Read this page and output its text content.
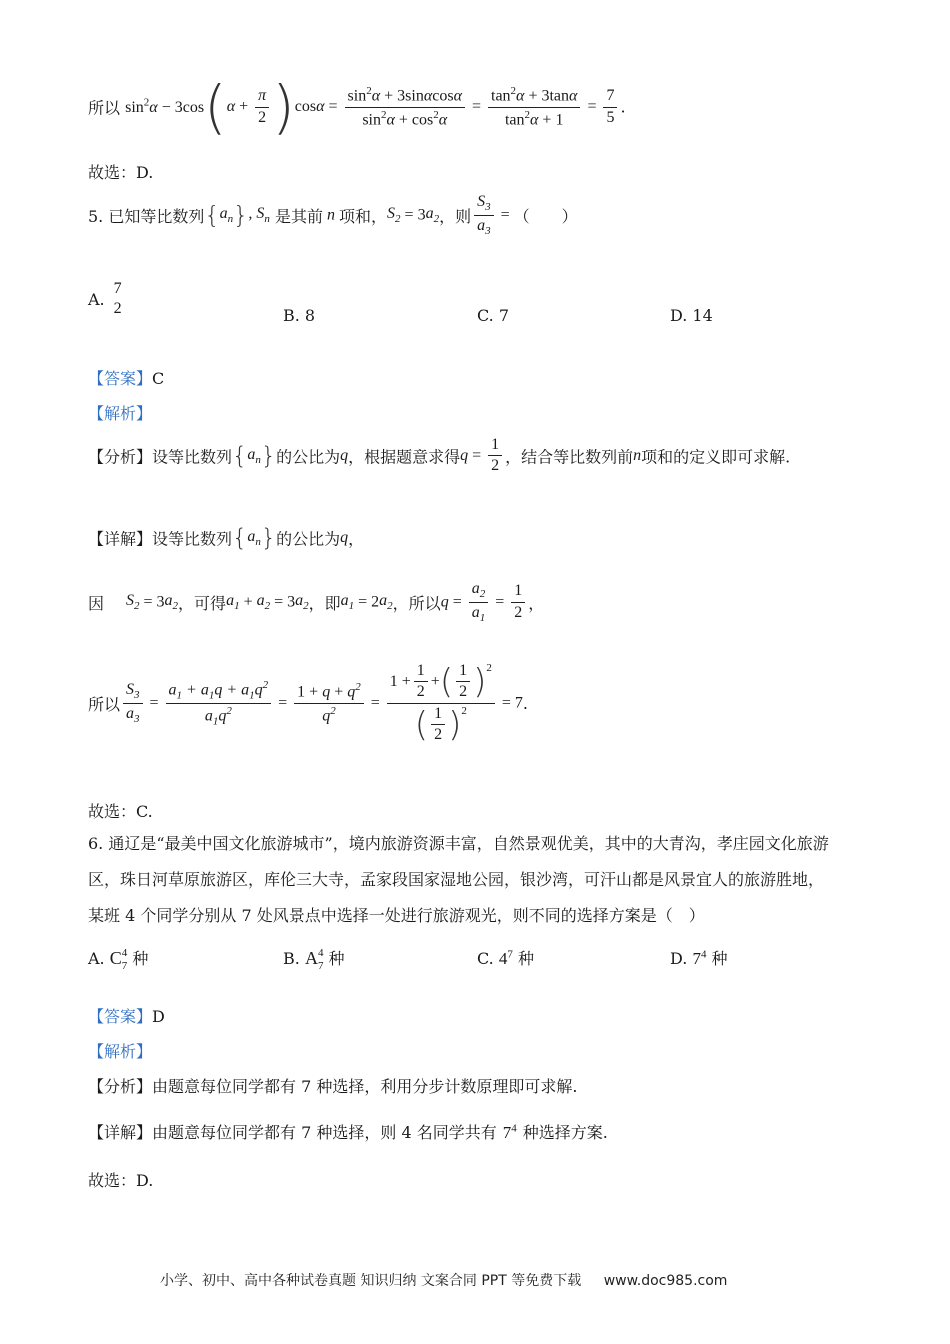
所以 $\sin^2\alpha - 3\cos(\alpha + \frac{\pi}{2} )\cos\alpha = \frac{\sin^2\alpha + 3\sin\alpha\cos\alpha}{\sin^2\alpha + \cos^2\alpha} = \frac{\tan^2\alpha + 3\tan\alpha}{\tan^2\alpha + 1} = \frac{7}{5}$ .
故选：D.
5. 已知等比数列$\{a_n\}$, $S_n$ 是其前 n 项和，$S_2 = 3a_2$，则 $\frac{S_3}{a_3}$ = （　　）
A.
7
2	B. 8	C. 7	D. 14
【答案】C
【解析】
【分析】设等比数列$\{a_n\}$的公比为q，根据题意求得$q = \frac{1}{2}$ ，结合等比数列前n项和的定义即可求解.
【详解】设等比数列$\{a_n\}$的公比为q，
因 $S_2 = 3a_2$，可得$a_1 + a_2 = 3a_2$，即$a_1 = 2a_2$，所以$q = \frac{a_2}{a_1} = \frac{1}{2}$ ，
所以 $\frac{S_3}{a_3} = \frac{a_1 + a_1q + a_1q^2}{a_1q^2} = \frac{1 + q + q^2}{q^2} = \frac{1 + \frac{1}{2} + ( \frac{1}{2} )^2}{( \frac{1}{2} )^2} = 7$.
故选：C.
6. 通辽是“最美中国文化旅游城市”，境内旅游资源丰富，自然景观优美，其中的大青沟，孝庄园文化旅游
区，珠日河草原旅游区，库伦三大寺，孟家段国家湿地公园，银沙湾，可汗山都是风景宜人的旅游胜地，
某班 4 个同学分别从 7 处风景点中选择一处进行旅游观光，则不同的选择方案是（　）
A. C 4
7 种	B. A 4
7 种	C. $4^7$ 种	D. $7^4$ 种
【答案】D
【解析】
【分析】由题意每位同学都有 7 种选择，利用分步计数原理即可求解.
【详解】由题意每位同学都有 7 种选择，则 4 名同学共有 $7^4$ 种选择方案.
故选：D.
小学、初中、高中各种试卷真题 知识归纳 文案合同 PPT 等免费下载 www.doc985.com
